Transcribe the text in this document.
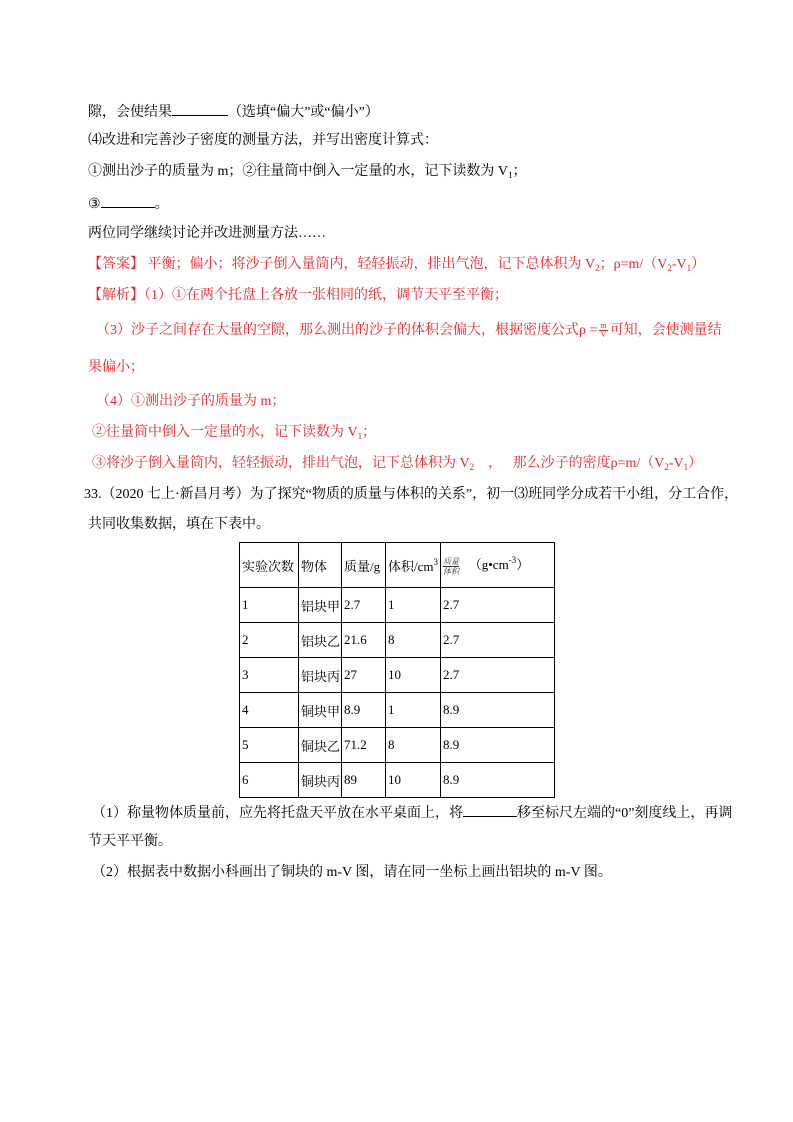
隙，会使结果	（选填“偏大”或“偏小”）
⑷改进和完善沙子密度的测量方法，并写出密度计算式：
①测出沙子的质量为 m；②往量筒中倒入一定量的水，记下读数为 $V_1$；
③	。
两位同学继续讨论并改进测量方法……
【答案】 平衡；偏小；将沙子倒入量筒内，轻轻振动，排出气泡，记下总体积为 $V_2$；$\rho=m/(V_2-V_1)$
【解析】（1）①在两个托盘上各放一张相同的纸，调节天平至平衡；
（3）沙子之间存在大量的空隙，那么测出的沙子的体积会偏大，根据密度公式$\rho = \frac{m}{V}$ 可知，会使测量结
果偏小；
（4）①测出沙子的质量为 m；
②往量筒中倒入一定量的水，记下读数为 $V_1$；
③将沙子倒入量筒内，轻轻振动，排出气泡，记下总体积为 $V_2$    ，   那么沙子的密度$\rho=m/(V_2-V_1)$
33.（2020 七上·新昌月考）为了探究“物质的质量与体积的关系”，初一⑶班同学分成若干小组，分工合作，
共同收集数据，填在下表中。
实验次数	物体	质量/g	体积$/cm^3$	$\frac{\text{质量}}{\text{体积}}$ $(g•cm^{-3})$
1	铝块甲	2.7	1	2.7
2	铝块乙	21.6	8	2.7
3	铝块丙	27	10	2.7
4	铜块甲	8.9	1	8.9
5	铜块乙	71.2	8	8.9
6	铜块丙	89	10	8.9
（1）称量物体质量前，应先将托盘天平放在水平桌面上，将	移至标尺左端的“0”刻度线上，再调
节天平平衡。
（2）根据表中数据小科画出了铜块的 m-V 图，请在同一坐标上画出铝块的 m-V 图。
